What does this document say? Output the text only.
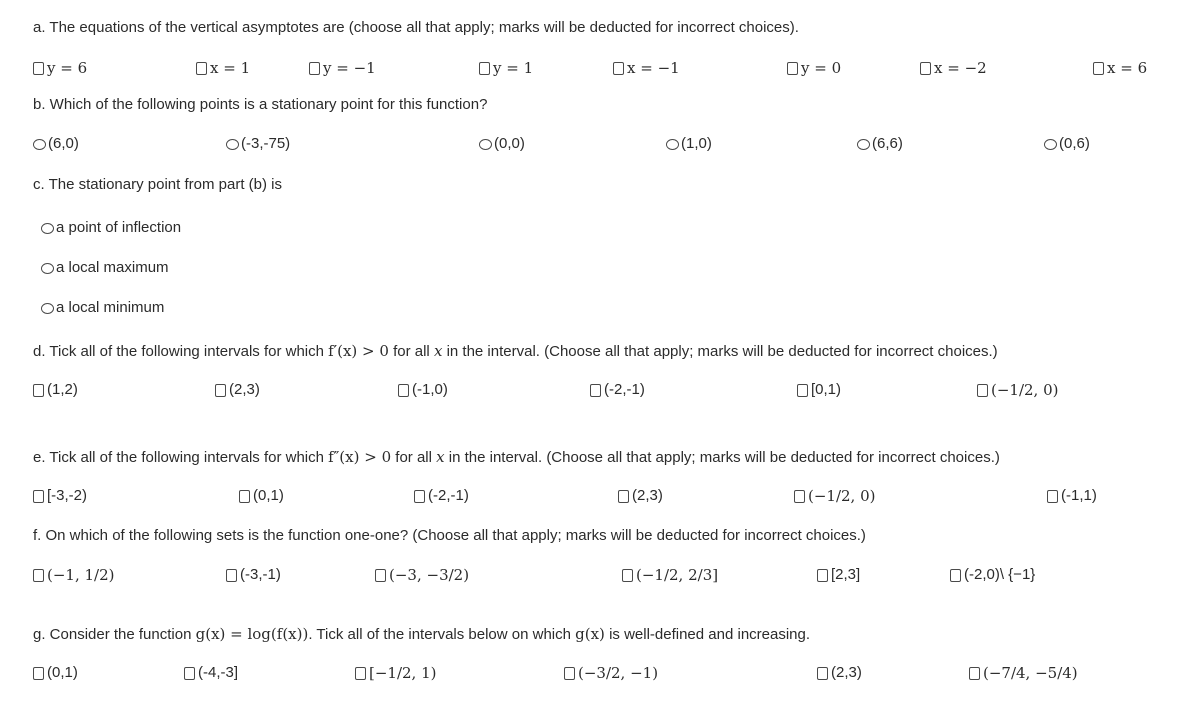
a. The equations of the vertical asymptotes are (choose all that apply; marks will be deducted for incorrect choices).
y = 6	x = 1	y = −1	y = 1	x = −1	y = 0	x = −2	x = 6
b. Which of the following points is a stationary point for this function?
(6,0)	(-3,-75)	(0,0)	(1,0)	(6,6)	(0,6)
c. The stationary point from part (b) is
a point of inflection
a local maximum
a local minimum
d. Tick all of the following intervals for which f′(x) > 0 for all x in the interval. (Choose all that apply; marks will be deducted for incorrect choices.)
(1,2)	(2,3)	(-1,0)	(-2,-1)	[0,1)	(−1/2, 0)
e. Tick all of the following intervals for which f″(x) > 0 for all x in the interval. (Choose all that apply; marks will be deducted for incorrect choices.)
[-3,-2)	(0,1)	(-2,-1)	(2,3)	(−1/2, 0)	(-1,1)
f. On which of the following sets is the function one-one? (Choose all that apply; marks will be deducted for incorrect choices.)
(−1, 1/2)	(-3,-1)	(−3, −3/2)	(−1/2, 2/3]	[2,3]	(-2,0)\ {−1}
g. Consider the function g(x) = log(f(x)). Tick all of the intervals below on which g(x) is well-defined and increasing.
(0,1)	(-4,-3]	[−1/2, 1)	(−3/2, −1)	(2,3)	(−7/4, −5/4)
